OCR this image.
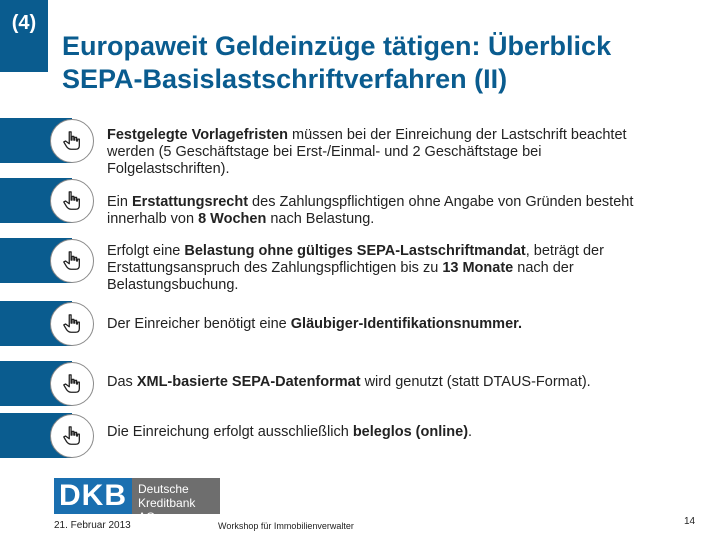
(4)
Europaweit Geldeinzüge tätigen: Überblick
SEPA-Basislastschriftverfahren (II)
Festgelegte Vorlagefristen müssen bei der Einreichung der Lastschrift beachtet werden (5 Geschäftstage bei Erst-/Einmal- und 2 Geschäftstage bei Folgelastschriften).
Ein Erstattungsrecht des Zahlungspflichtigen ohne Angabe von Gründen besteht innerhalb von 8 Wochen nach Belastung.
Erfolgt eine Belastung ohne gültiges SEPA-Lastschriftmandat, beträgt der Erstattungsanspruch des Zahlungspflichtigen bis zu 13 Monate nach der Belastungsbuchung.
Der Einreicher benötigt eine Gläubiger-Identifikationsnummer.
Das XML-basierte SEPA-Datenformat wird genutzt (statt DTAUS-Format).
Die Einreichung erfolgt ausschließlich beleglos (online).
DKB Deutsche
Kreditbank AG
21. Februar 2013	Workshop für Immobilienverwalter	14
